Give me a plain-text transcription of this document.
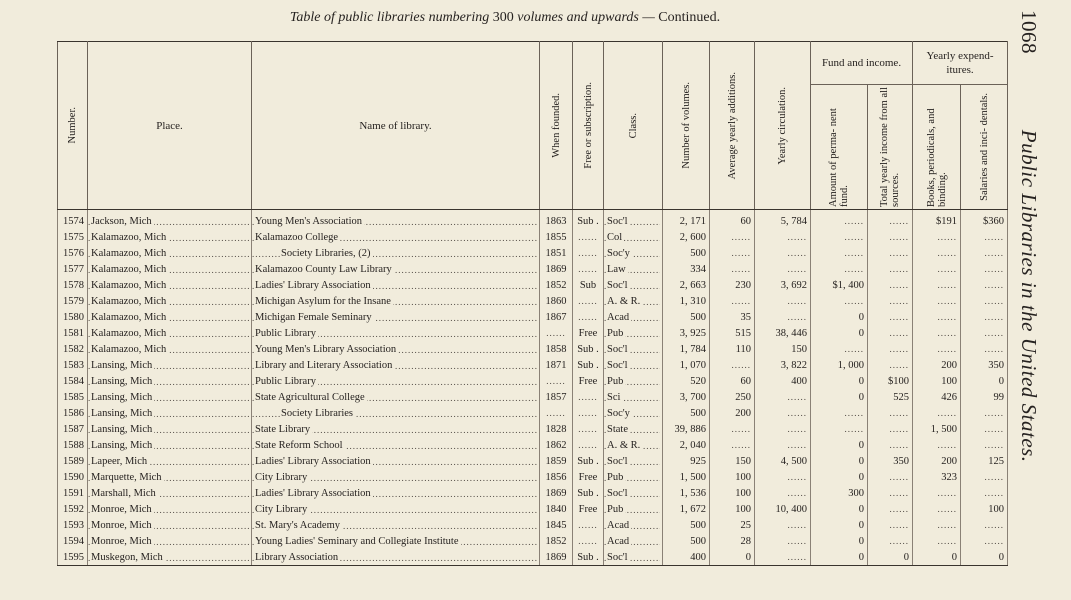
Table of public libraries numbering 300 volumes and upwards — Continued.	1068 Public Libraries in the United States.
Number.	Place.	Name of library.	When founded.	Free or subscription.	Class.	Number of volumes.	Average yearly additions.	Yearly circulation.	Fund and income.		Yearly expend- itures.	

									Amount of perma- nent fund.	Total yearly income from all sources.	Books, periodicals, and binding.	Salaries and inci- dentals.

1574	Jackson, Mich .....	Young Men's Association .....	1863	Sub .	Soc'l .....	2, 171	60	5, 784	......	......	$191	$360
1575	Kalamazoo, Mich .....	Kalamazoo College .....	1855	......	Col .....	2, 600	......	......	......	......	......	......
1576	Kalamazoo, Mich .....	Society Libraries, (2) .....	1851	......	Soc'y .....	500	......	......	......	......	......	......
1577	Kalamazoo, Mich .....	Kalamazoo County Law Library .....	1869	......	Law .....	334	......	......	......	......	......	......
1578	Kalamazoo, Mich .....	Ladies' Library Association .....	1852	Sub	Soc'l .....	2, 663	230	3, 692	$1, 400	......	......	......
1579	Kalamazoo, Mich .....	Michigan Asylum for the Insane .....	1860	......	A. & R. .....	1, 310	......	......	......	......	......	......
1580	Kalamazoo, Mich .....	Michigan Female Seminary .....	1867	......	Acad .....	500	35	......	0	......	......	......
1581	Kalamazoo, Mich .....	Public Library .....	......	Free	Pub .....	3, 925	515	38, 446	0	......	......	......
1582	Kalamazoo, Mich .....	Young Men's Library Association .....	1858	Sub .	Soc'l .....	1, 784	110	150	......	......	......	......
1583	Lansing, Mich .....	Library and Literary Association .....	1871	Sub .	Soc'l .....	1, 070	......	3, 822	1, 000	......	200	350
1584	Lansing, Mich .....	Public Library .....	......	Free	Pub .....	520	60	400	0	$100	100	0
1585	Lansing, Mich .....	State Agricultural College .....	1857	......	Sci .....	3, 700	250	......	0	525	426	99
1586	Lansing, Mich .....	Society Libraries .....	......	......	Soc'y .....	500	200	......	......	......	......	......
1587	Lansing, Mich .....	State Library .....	1828	......	State .....	39, 886	......	......	......	......	1, 500	......
1588	Lansing, Mich .....	State Reform School .....	1862	......	A. & R. .....	2, 040	......	......	0	......	......	......
1589	Lapeer, Mich .....	Ladies' Library Association .....	1859	Sub .	Soc'l .....	925	150	4, 500	0	350	200	125
1590	Marquette, Mich .....	City Library .....	1856	Free	Pub .....	1, 500	100	......	0	......	323	......
1591	Marshall, Mich .....	Ladies' Library Association .....	1869	Sub .	Soc'l .....	1, 536	100	......	300	......	......	......
1592	Monroe, Mich .....	City Library .....	1840	Free	Pub .....	1, 672	100	10, 400	0	......	......	100
1593	Monroe, Mich .....	St. Mary's Academy .....	1845	......	Acad .....	500	25	......	0	......	......	......
1594	Monroe, Mich .....	Young Ladies' Seminary and Collegiate Institute .....	1852	......	Acad .....	500	28	......	0	......	......	......
1595	Muskegon, Mich .....	Library Association .....	1869	Sub .	Soc'l .....	400	0	......	0	0	0	0
